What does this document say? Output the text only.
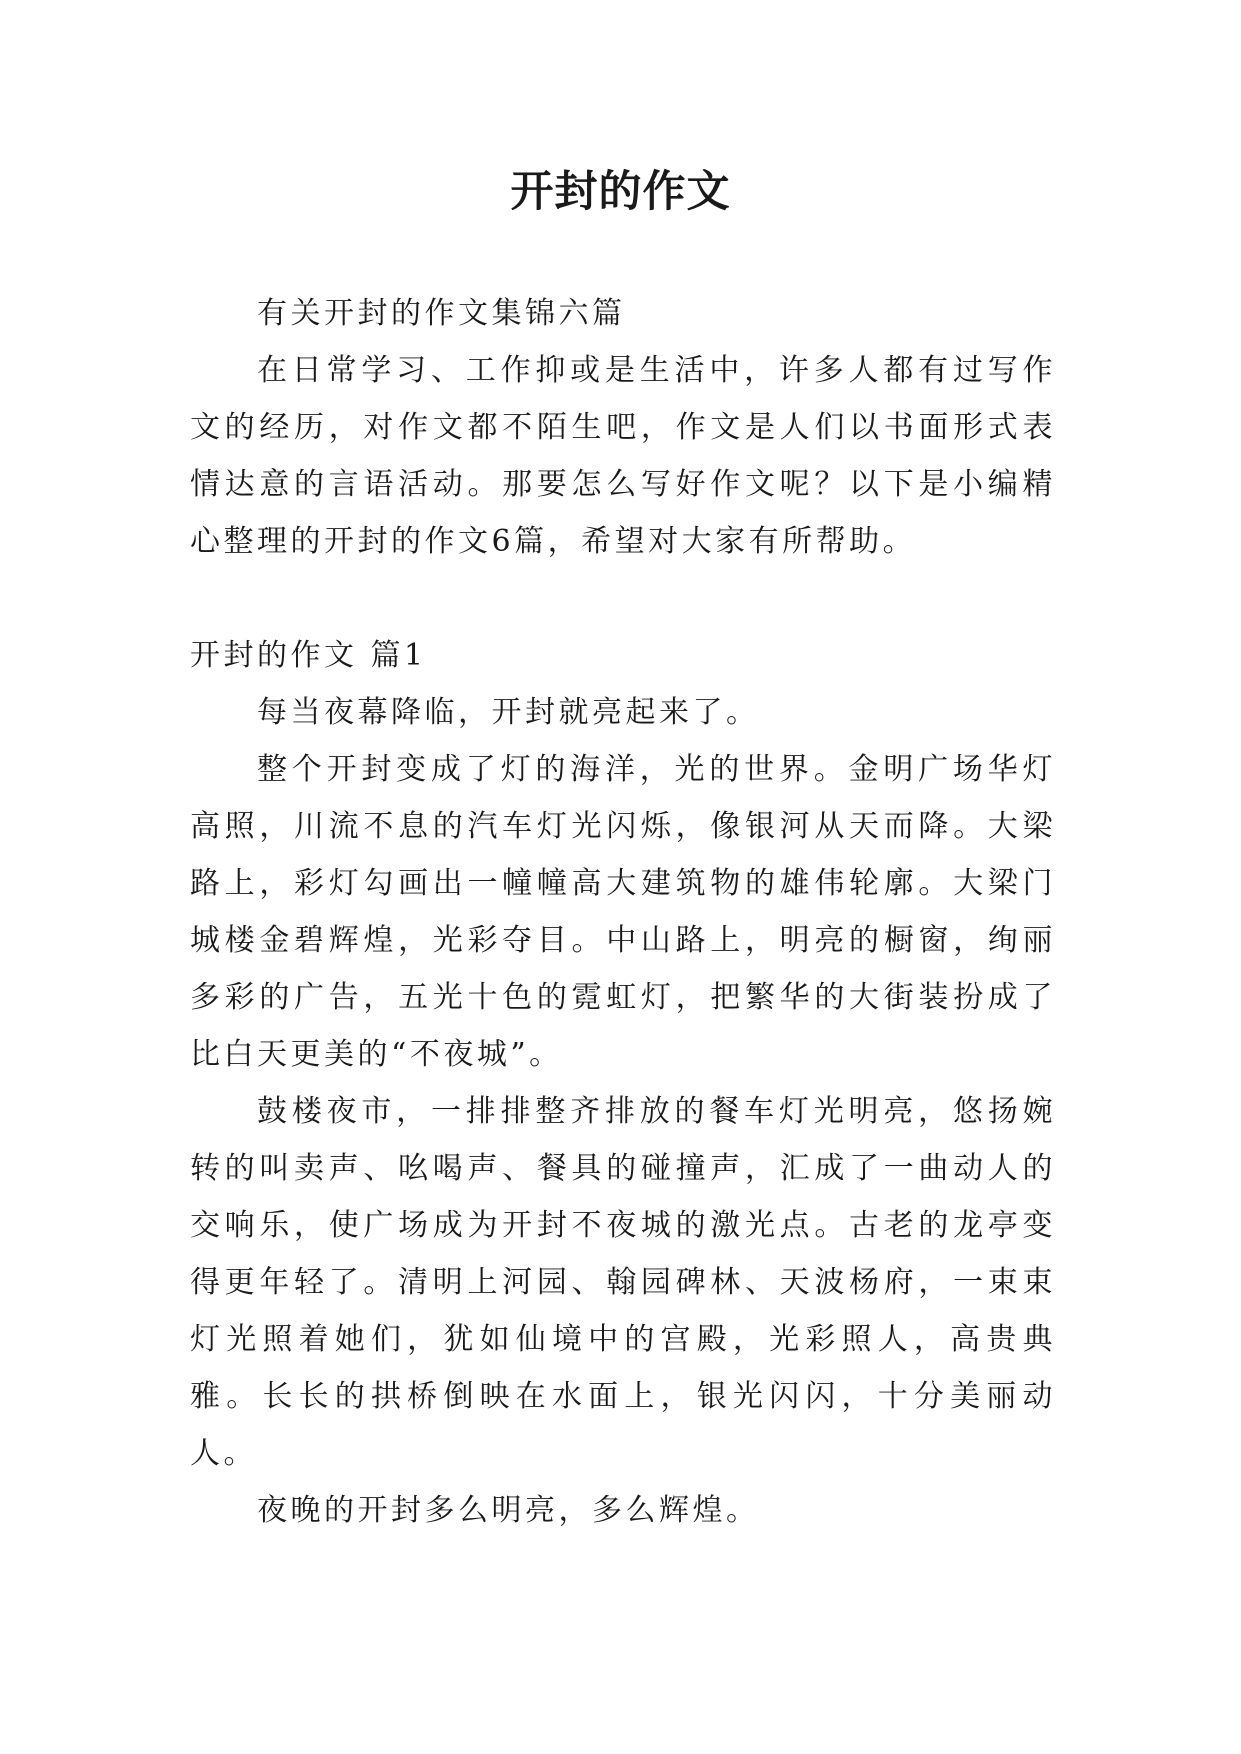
开封的作文

有关开封的作文集锦六篇

在日常学习、工作抑或是生活中，许多人都有过写作文的经历，对作文都不陌生吧，作文是人们以书面形式表情达意的言语活动。那要怎么写好作文呢？以下是小编精心整理的开封的作文6篇，希望对大家有所帮助。

开封的作文 篇1

每当夜幕降临，开封就亮起来了。

整个开封变成了灯的海洋，光的世界。金明广场华灯高照，川流不息的汽车灯光闪烁，像银河从天而降。大梁路上，彩灯勾画出一幢幢高大建筑物的雄伟轮廓。大梁门城楼金碧辉煌，光彩夺目。中山路上，明亮的橱窗，绚丽多彩的广告，五光十色的霓虹灯，把繁华的大街装扮成了比白天更美的“不夜城”。

鼓楼夜市，一排排整齐排放的餐车灯光明亮，悠扬婉转的叫卖声、吆喝声、餐具的碰撞声，汇成了一曲动人的交响乐，使广场成为开封不夜城的激光点。古老的龙亭变得更年轻了。清明上河园、翰园碑林、天波杨府，一束束灯光照着她们，犹如仙境中的宫殿，光彩照人，高贵典雅。长长的拱桥倒映在水面上，银光闪闪，十分美丽动人。

夜晚的开封多么明亮，多么辉煌。
